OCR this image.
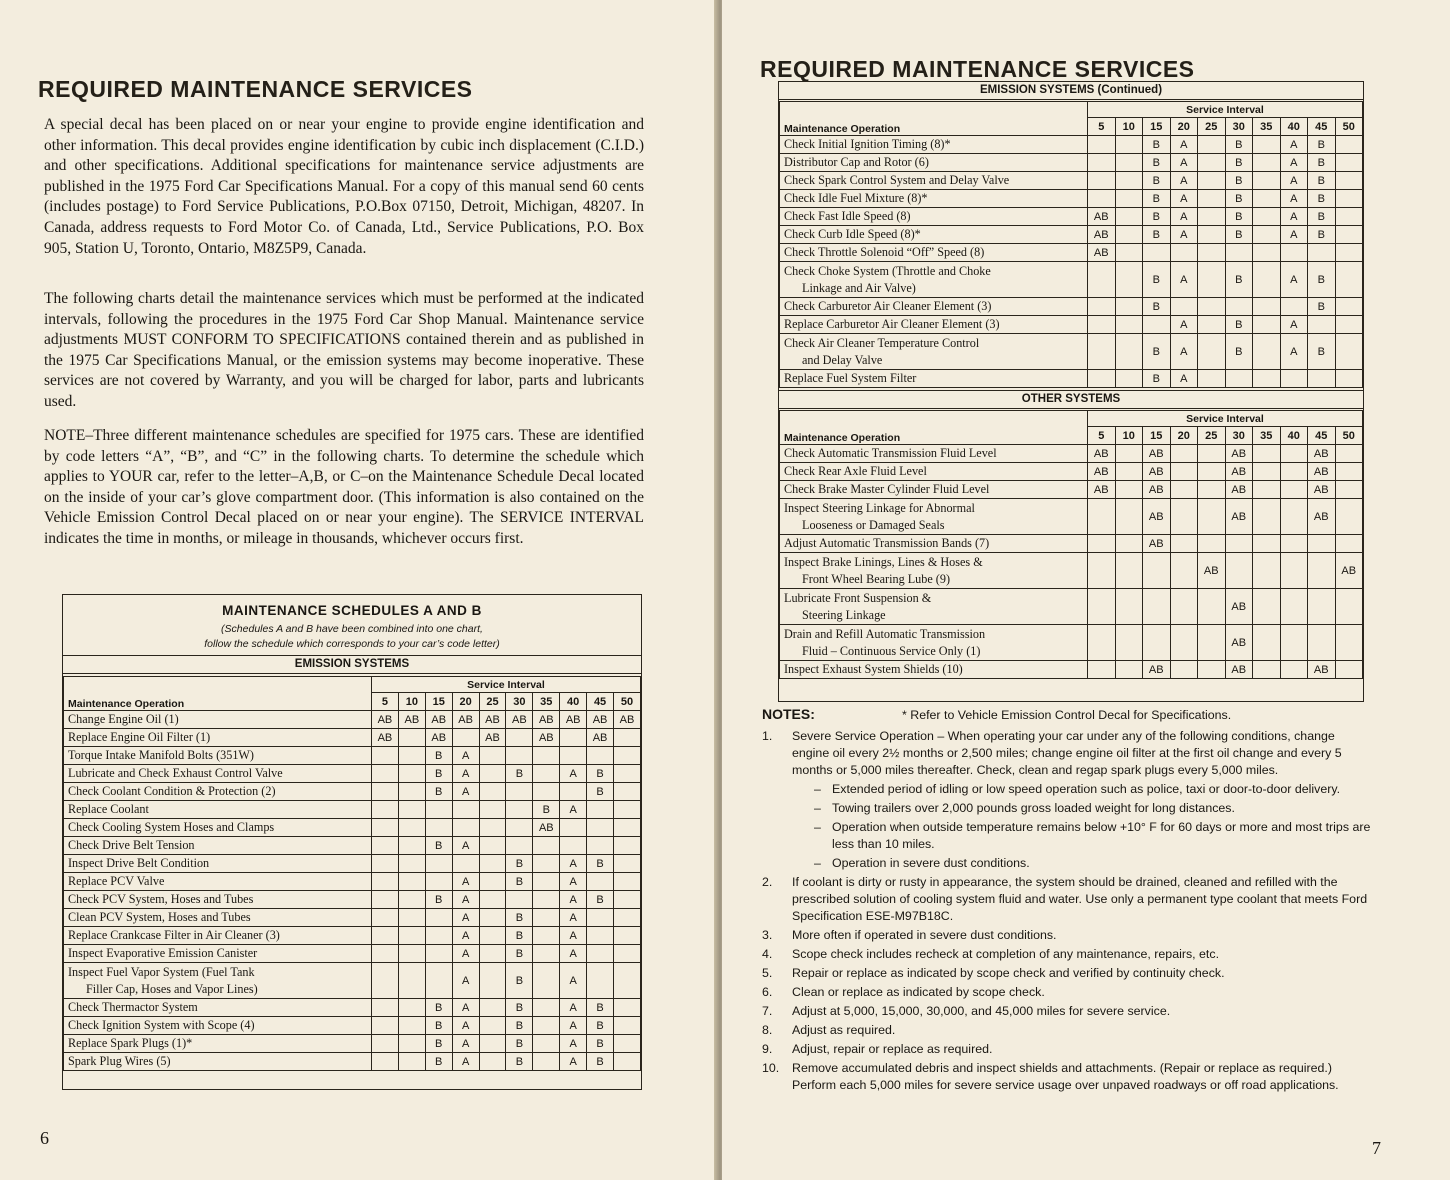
REQUIRED MAINTENANCE SERVICES

A special decal has been placed on or near your engine to provide engine identification and other information. This decal provides engine identification by cubic inch displacement (C.I.D.) and other specifications. Additional specifications for maintenance service adjustments are published in the 1975 Ford Car Specifications Manual. For a copy of this manual send 60 cents (includes postage) to Ford Service Publications, P.O.Box 07150, Detroit, Michigan, 48207. In Canada, address requests to Ford Motor Co. of Canada, Ltd., Service Publications, P.O. Box 905, Station U, Toronto, Ontario, M8Z5P9, Canada.

The following charts detail the maintenance services which must be performed at the indicated intervals, following the procedures in the 1975 Ford Car Shop Manual. Maintenance service adjustments MUST CONFORM TO SPECIFICATIONS contained therein and as published in the 1975 Car Specifications Manual, or the emission systems may become inoperative. These services are not covered by Warranty, and you will be charged for labor, parts and lubricants used.

NOTE–Three different maintenance schedules are specified for 1975 cars. These are identified by code letters “A”, “B”, and “C” in the following charts. To determine the schedule which applies to YOUR car, refer to the letter–A,B, or C–on the Maintenance Schedule Decal located on the inside of your car’s glove compartment door. (This information is also contained on the Vehicle Emission Control Decal placed on or near your engine). The SERVICE INTERVAL indicates the time in months, or mileage in thousands, whichever occurs first.

MAINTENANCE SCHEDULES A AND B
(Schedules A and B have been combined into one chart,
follow the schedule which corresponds to your car’s code letter)
EMISSION SYSTEMS
Maintenance Operation	Service Interval									
	5	10	15	20	25	30	35	40	45	50
Change Engine Oil (1)	AB	AB	AB	AB	AB	AB	AB	AB	AB	AB
Replace Engine Oil Filter (1)	AB		AB		AB		AB		AB	
Torque Intake Manifold Bolts (351W)			B	A						
Lubricate and Check Exhaust Control Valve			B	A		B		A	B	
Check Coolant Condition & Protection (2)			B	A					B	
Replace Coolant							B	A		
Check Cooling System Hoses and Clamps							AB			
Check Drive Belt Tension			B	A						
Inspect Drive Belt Condition						B		A	B	
Replace PCV Valve				A		B		A		
Check PCV System, Hoses and Tubes			B	A				A	B	
Clean PCV System, Hoses and Tubes				A		B		A		
Replace Crankcase Filter in Air Cleaner (3)				A		B		A		
Inspect Evaporative Emission Canister				A		B		A		
Inspect Fuel Vapor System (Fuel Tank

Filler Cap, Hoses and Vapor Lines)				A		B		A		
Check Thermactor System			B	A		B		A	B	
Check Ignition System with Scope (4)			B	A		B		A	B	
Replace Spark Plugs (1)*			B	A		B		A	B	
Spark Plug Wires (5)			B	A		B		A	B	
6
REQUIRED MAINTENANCE SERVICES
EMISSION SYSTEMS (Continued)
Maintenance Operation	Service Interval									
	5	10	15	20	25	30	35	40	45	50
Check Initial Ignition Timing (8)*			B	A		B		A	B	
Distributor Cap and Rotor (6)			B	A		B		A	B	
Check Spark Control System and Delay Valve			B	A		B		A	B	
Check Idle Fuel Mixture (8)*			B	A		B		A	B	
Check Fast Idle Speed (8)	AB		B	A		B		A	B	
Check Curb Idle Speed (8)*	AB		B	A		B		A	B	
Check Throttle Solenoid “Off” Speed (8)	AB									
Check Choke System (Throttle and Choke

Linkage and Air Valve)			B	A		B		A	B	
Check Carburetor Air Cleaner Element (3)			B						B	
Replace Carburetor Air Cleaner Element (3)				A		B		A		
Check Air Cleaner Temperature Control

and Delay Valve			B	A		B		A	B	
Replace Fuel System Filter			B	A						
OTHER SYSTEMS
Maintenance Operation	Service Interval									
	5	10	15	20	25	30	35	40	45	50
Check Automatic Transmission Fluid Level	AB		AB			AB			AB	
Check Rear Axle Fluid Level	AB		AB			AB			AB	
Check Brake Master Cylinder Fluid Level	AB		AB			AB			AB	
Inspect Steering Linkage for Abnormal

Looseness or Damaged Seals			AB			AB			AB	
Adjust Automatic Transmission Bands (7)			AB							
Inspect Brake Linings, Lines & Hoses &

Front Wheel Bearing Lube (9)					AB					AB
Lubricate Front Suspension &

Steering Linkage						AB				
Drain and Refill Automatic Transmission

Fluid – Continuous Service Only (1)						AB				
Inspect Exhaust System Shields (10)			AB			AB			AB	
NOTES:	* Refer to Vehicle Emission Control Decal for Specifications.
1. Severe Service Operation – When operating your car under any of the following conditions, change engine oil every 2½ months or 2,500 miles; change engine oil filter at the first oil change and every 5 months or 5,000 miles thereafter. Check, clean and regap spark plugs every 5,000 miles.
– Extended period of idling or low speed operation such as police, taxi or door-to-door delivery.
– Towing trailers over 2,000 pounds gross loaded weight for long distances.
– Operation when outside temperature remains below +10° F for 60 days or more and most trips are less than 10 miles.
– Operation in severe dust conditions.
2. If coolant is dirty or rusty in appearance, the system should be drained, cleaned and refilled with the prescribed solution of cooling system fluid and water. Use only a permanent type coolant that meets Ford Specification ESE-M97B18C.
3. More often if operated in severe dust conditions.
4. Scope check includes recheck at completion of any maintenance, repairs, etc.
5. Repair or replace as indicated by scope check and verified by continuity check.
6. Clean or replace as indicated by scope check.
7. Adjust at 5,000, 15,000, 30,000, and 45,000 miles for severe service.
8. Adjust as required.
9. Adjust, repair or replace as required.
10. Remove accumulated debris and inspect shields and attachments. (Repair or replace as required.) Perform each 5,000 miles for severe service usage over unpaved roadways or off road applications.
7
